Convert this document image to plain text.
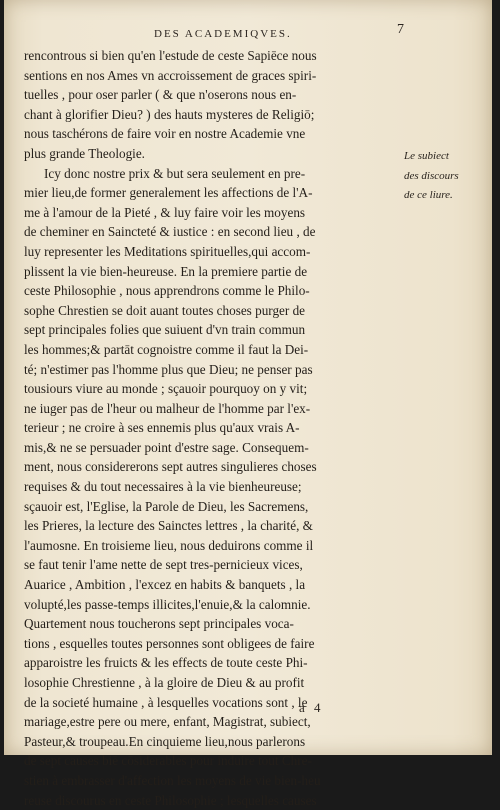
DES ACADEMIQVES.	7
rencontrous si bien qu'en l'estude de ceste Sapiēce nous
sentions en nos Ames vn accroissement de graces spiri-
tuelles , pour oser parler ( & que n'oserons nous en-
chant à glorifier Dieu? ) des hauts mysteres de Religiō;
nous taschérons de faire voir en nostre Academie vne
plus grande Theologie.
Icy donc nostre prix & but sera seulement en pre-
mier lieu,de former generalement les affections de l'A-
me à l'amour de la Pieté , & luy faire voir les moyens
de cheminer en Saincteté & iustice : en second lieu , de
luy representer les Meditations spirituelles,qui accom-
plissent la vie bien-heureuse. En la premiere partie de
ceste Philosophie , nous apprendrons comme le Philo-
sophe Chrestien se doit auant toutes choses purger de
sept principales folies que suiuent d'vn train commun
les hommes;& partāt cognoistre comme il faut la Dei-
té; n'estimer pas l'homme plus que Dieu; ne penser pas
tousiours viure au monde ; sçauoir pourquoy on y vit;
ne iuger pas de l'heur ou malheur de l'homme par l'ex-
terieur ; ne croire à ses ennemis plus qu'aux vrais A-
mis,& ne se persuader point d'estre sage. Consequem-
ment, nous considererons sept autres singulieres choses
requises & du tout necessaires à la vie bienheureuse;
sçauoir est, l'Eglise, la Parole de Dieu, les Sacremens,
les Prieres, la lecture des Sainctes lettres , la charité, &
l'aumosne. En troisieme lieu, nous deduirons comme il
se faut tenir l'ame nette de sept tres-pernicieux vices,
Auarice , Ambition , l'excez en habits & banquets , la
volupté,les passe-temps illicites,l'enuie,& la calomnie.
Quartement nous toucherons sept principales voca-
tions , esquelles toutes personnes sont obligees de faire
apparoistre les fruicts & les effects de toute ceste Phi-
losophie Chrestienne , à la gloire de Dieu & au profit
de la societé humaine , à lesquelles vocations sont , le
mariage,estre pere ou mere, enfant, Magistrat, subiect,
Pasteur,& troupeau.En cinquieme lieu,nous parlerons
de sept causes biē cōsiderables pour induire tout Chre-
stien à embrasser d'affection les moyens de vie bien-heu
reuse discourus en ceste Philosophie ; lesquelles causes
Le subiect
des discours
de ce liure.
a 4
